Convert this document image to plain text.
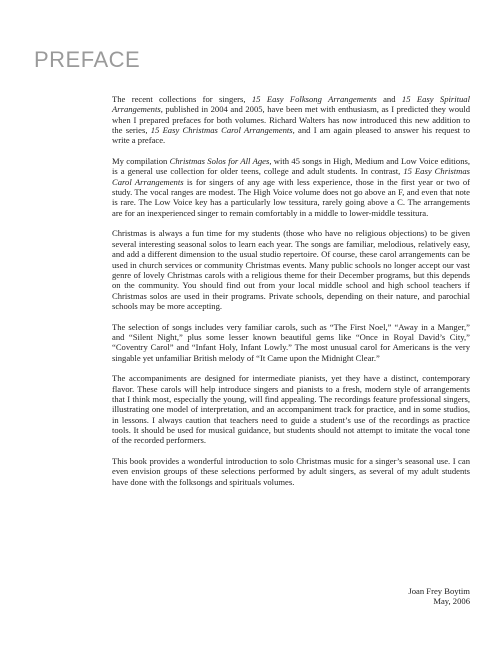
PREFACE

The recent collections for singers, 15 Easy Folksong Arrangements and 15 Easy Spiritual Arrangements, published in 2004 and 2005, have been met with enthusiasm, as I predicted they would when I prepared prefaces for both volumes. Richard Walters has now introduced this new addition to the series, 15 Easy Christmas Carol Arrangements, and I am again pleased to answer his request to write a preface.

My compilation Christmas Solos for All Ages, with 45 songs in High, Medium and Low Voice editions, is a general use collection for older teens, college and adult students. In contrast, 15 Easy Christmas Carol Arrangements is for singers of any age with less experience, those in the first year or two of study. The vocal ranges are modest. The High Voice volume does not go above an F, and even that note is rare. The Low Voice key has a particularly low tessitura, rarely going above a C. The arrangements are for an inexperienced singer to remain comfortably in a middle to lower-middle tessitura.

Christmas is always a fun time for my students (those who have no religious objections) to be given several interesting seasonal solos to learn each year. The songs are familiar, melodious, relatively easy, and add a different dimension to the usual studio repertoire. Of course, these carol arrangements can be used in church services or community Christmas events. Many public schools no longer accept our vast genre of lovely Christmas carols with a religious theme for their December programs, but this depends on the community. You should find out from your local middle school and high school teachers if Christmas solos are used in their programs. Private schools, depending on their nature, and parochial schools may be more accepting.

The selection of songs includes very familiar carols, such as “The First Noel,” “Away in a Manger,” and “Silent Night,” plus some lesser known beautiful gems like “Once in Royal David’s City,” “Coventry Carol” and “Infant Holy, Infant Lowly.” The most unusual carol for Americans is the very singable yet unfamiliar British melody of “It Came upon the Midnight Clear.”

The accompaniments are designed for intermediate pianists, yet they have a distinct, contemporary flavor. These carols will help introduce singers and pianists to a fresh, modern style of arrangements that I think most, especially the young, will find appealing. The recordings feature professional singers, illustrating one model of interpretation, and an accompaniment track for practice, and in some studios, in lessons. I always caution that teachers need to guide a student’s use of the recordings as practice tools. It should be used for musical guidance, but students should not attempt to imitate the vocal tone of the recorded performers.

This book provides a wonderful introduction to solo Christmas music for a singer’s seasonal use. I can even envision groups of these selections performed by adult singers, as several of my adult students have done with the folksongs and spirituals volumes.

Joan Frey Boytim
May, 2006
